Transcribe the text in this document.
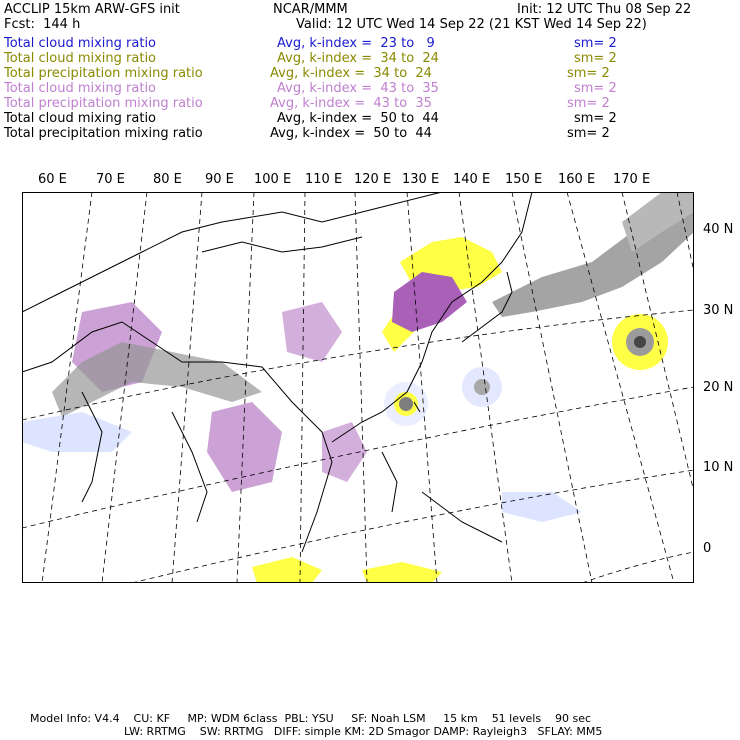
ACCLIP 15km ARW-GFS init	NCAR/MMM	Init: 12 UTC Thu 08 Sep 22
Fcst:  144 h	Valid: 12 UTC Wed 14 Sep 22 (21 KST Wed 14 Sep 22)
Total cloud mixing ratio	Avg, k-index =  23 to   9	sm= 2
Total cloud mixing ratio	Avg, k-index =  34 to  24	sm= 2
Total precipitation mixing ratio	Avg, k-index =  34 to  24	sm= 2
Total cloud mixing ratio	Avg, k-index =  43 to  35	sm= 2
Total precipitation mixing ratio	Avg, k-index =  43 to  35	sm= 2
Total cloud mixing ratio	Avg, k-index =  50 to  44	sm= 2
Total precipitation mixing ratio	Avg, k-index =  50 to  44	sm= 2
60 E 70 E 80 E 90 E 100 E 110 E 120 E 130 E 140 E 150 E 160 E 170 E
40 N
30 N
20 N
10 N
0
Model Info: V4.4    CU: KF     MP: WDM 6class  PBL: YSU     SF: Noah LSM     15 km    51 levels    90 sec
LW: RRTMG    SW: RRTMG   DIFF: simple KM: 2D Smagor DAMP: Rayleigh3   SFLAY: MM5
